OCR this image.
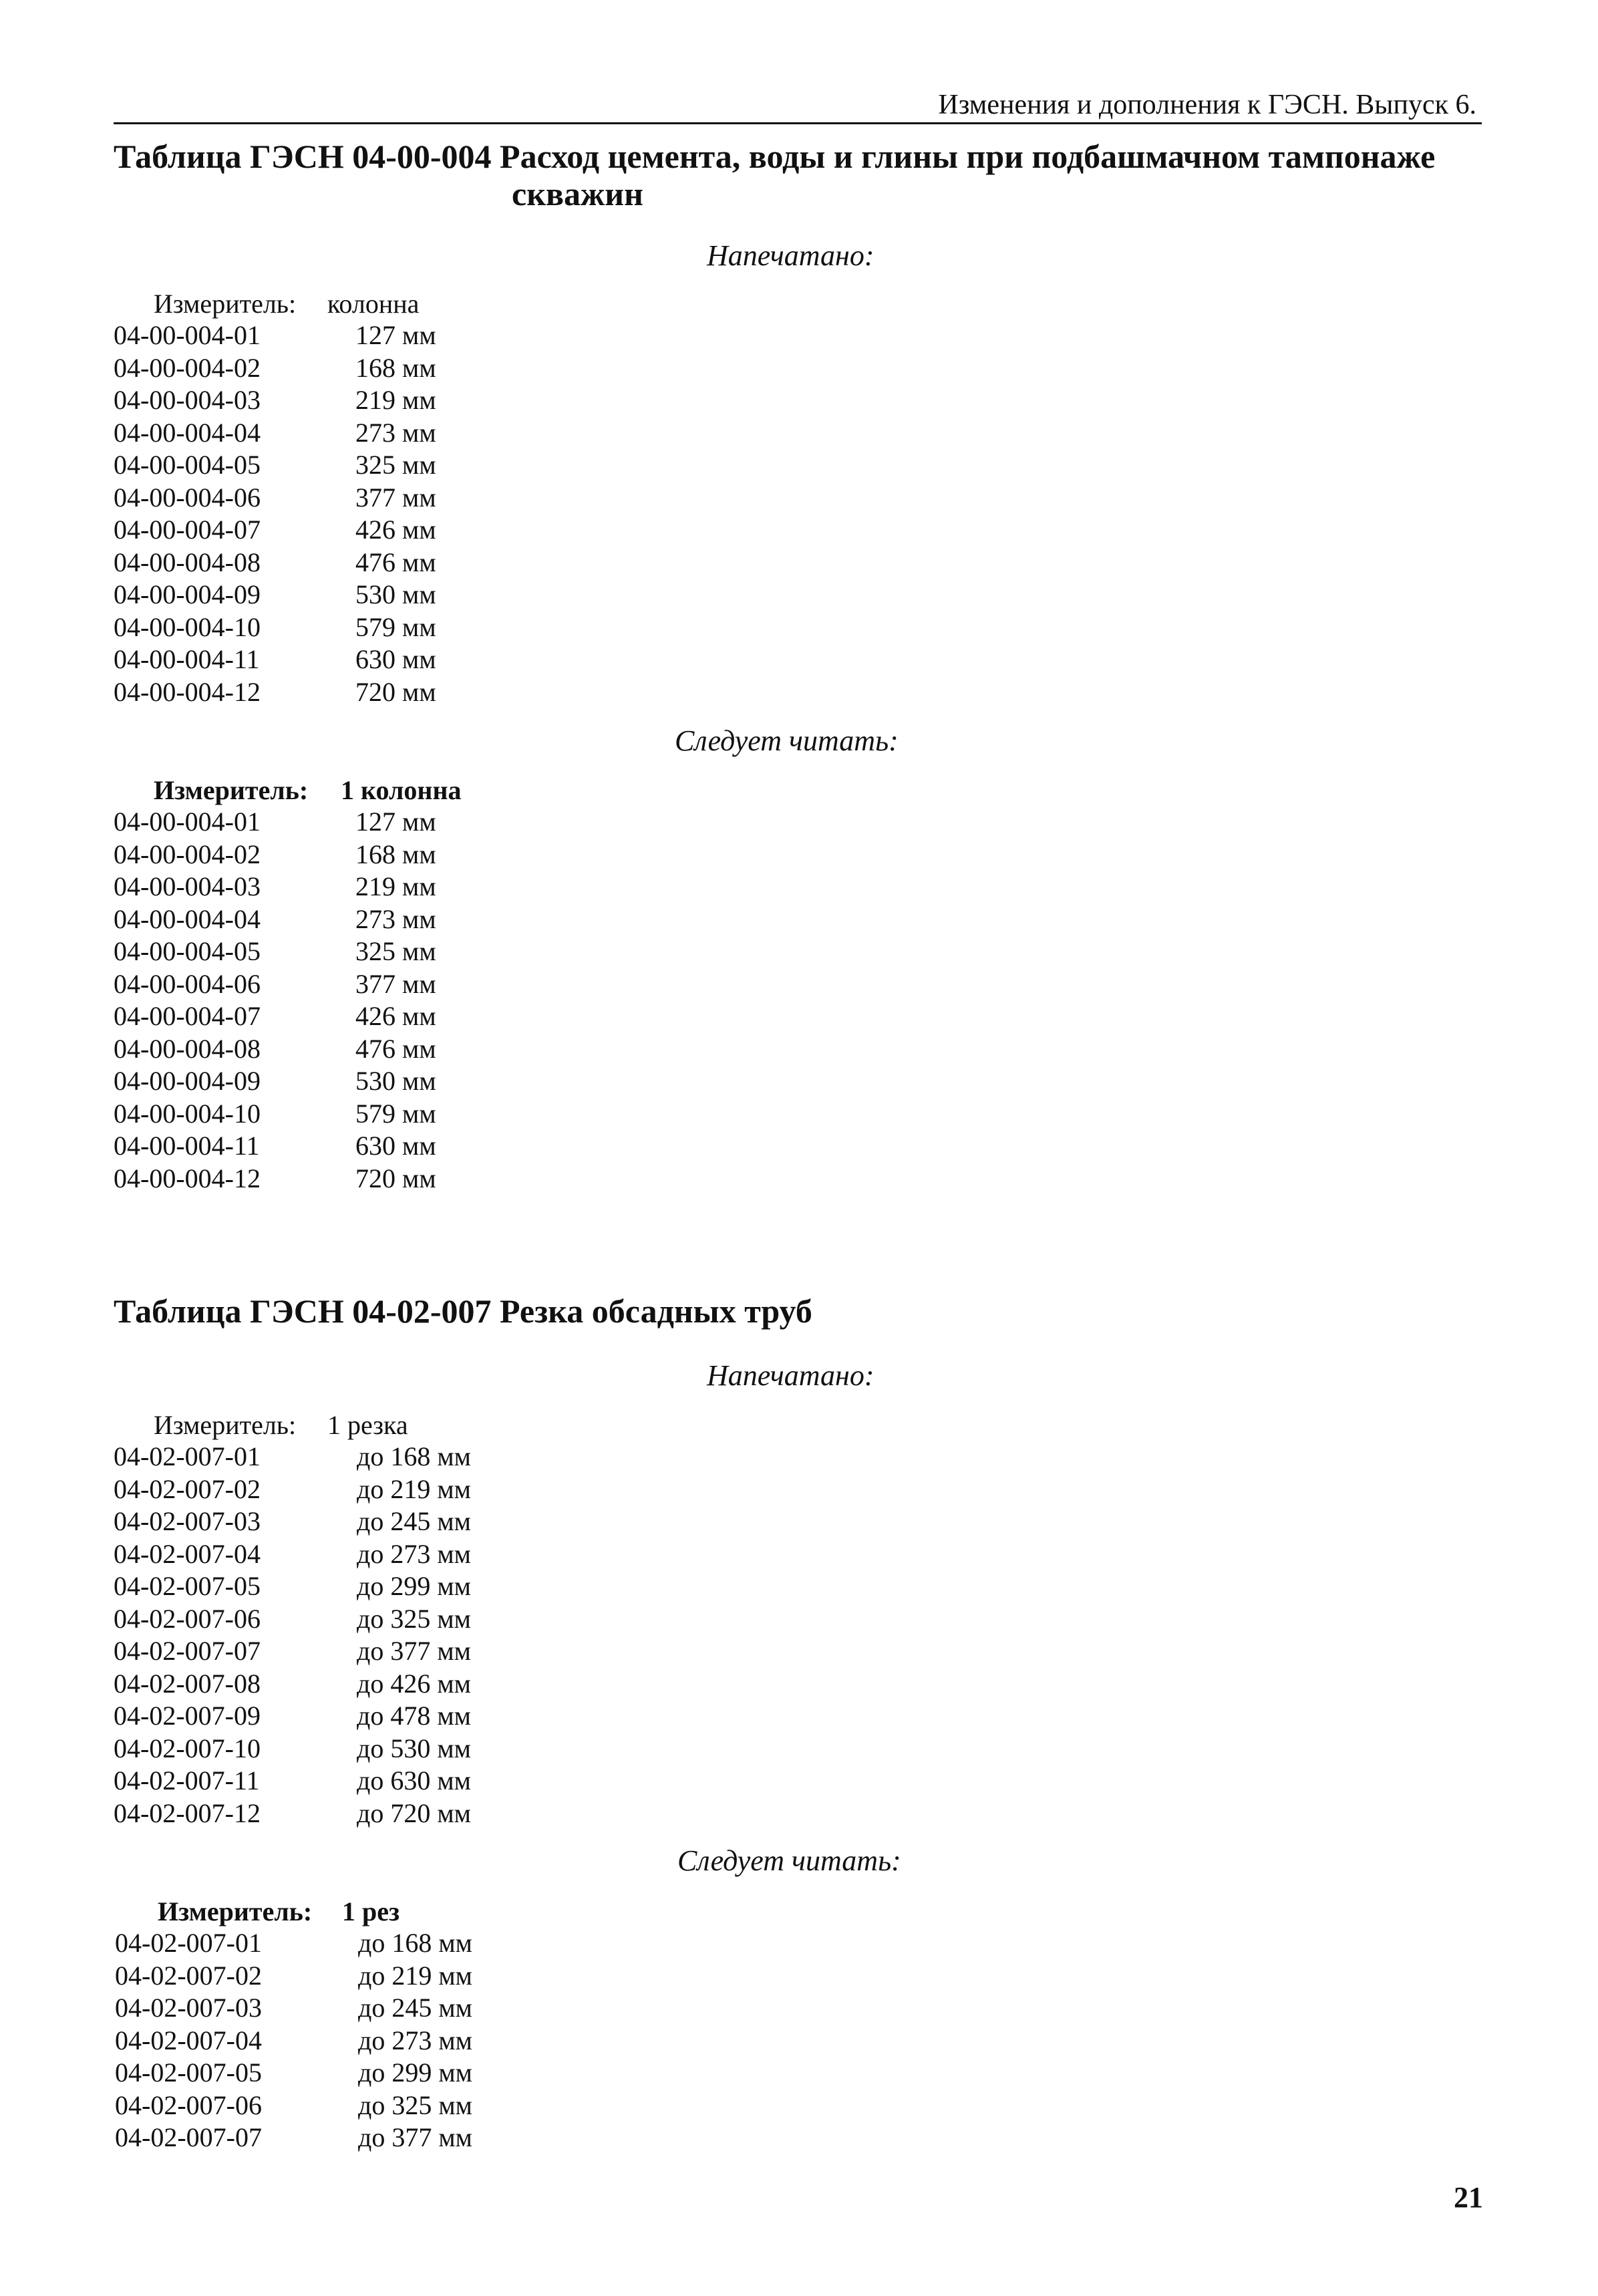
Изменения и дополнения к ГЭСН. Выпуск 6.
Таблица ГЭСН 04-00-004 Расход цемента, воды и глины при подбашмачном тампонаже
скважин
Напечатано:
Измеритель: колонна
04-00-004-01	127 мм
04-00-004-02	168 мм
04-00-004-03	219 мм
04-00-004-04	273 мм
04-00-004-05	325 мм
04-00-004-06	377 мм
04-00-004-07	426 мм
04-00-004-08	476 мм
04-00-004-09	530 мм
04-00-004-10	579 мм
04-00-004-11	630 мм
04-00-004-12	720 мм
Следует читать:
Измеритель: 1 колонна
04-00-004-01	127 мм
04-00-004-02	168 мм
04-00-004-03	219 мм
04-00-004-04	273 мм
04-00-004-05	325 мм
04-00-004-06	377 мм
04-00-004-07	426 мм
04-00-004-08	476 мм
04-00-004-09	530 мм
04-00-004-10	579 мм
04-00-004-11	630 мм
04-00-004-12	720 мм
Таблица ГЭСН 04-02-007 Резка обсадных труб
Напечатано:
Измеритель: 1 резка
04-02-007-01	до 168 мм
04-02-007-02	до 219 мм
04-02-007-03	до 245 мм
04-02-007-04	до 273 мм
04-02-007-05	до 299 мм
04-02-007-06	до 325 мм
04-02-007-07	до 377 мм
04-02-007-08	до 426 мм
04-02-007-09	до 478 мм
04-02-007-10	до 530 мм
04-02-007-11	до 630 мм
04-02-007-12	до 720 мм
Следует читать:
Измеритель: 1 рез
04-02-007-01	до 168 мм
04-02-007-02	до 219 мм
04-02-007-03	до 245 мм
04-02-007-04	до 273 мм
04-02-007-05	до 299 мм
04-02-007-06	до 325 мм
04-02-007-07	до 377 мм
21
